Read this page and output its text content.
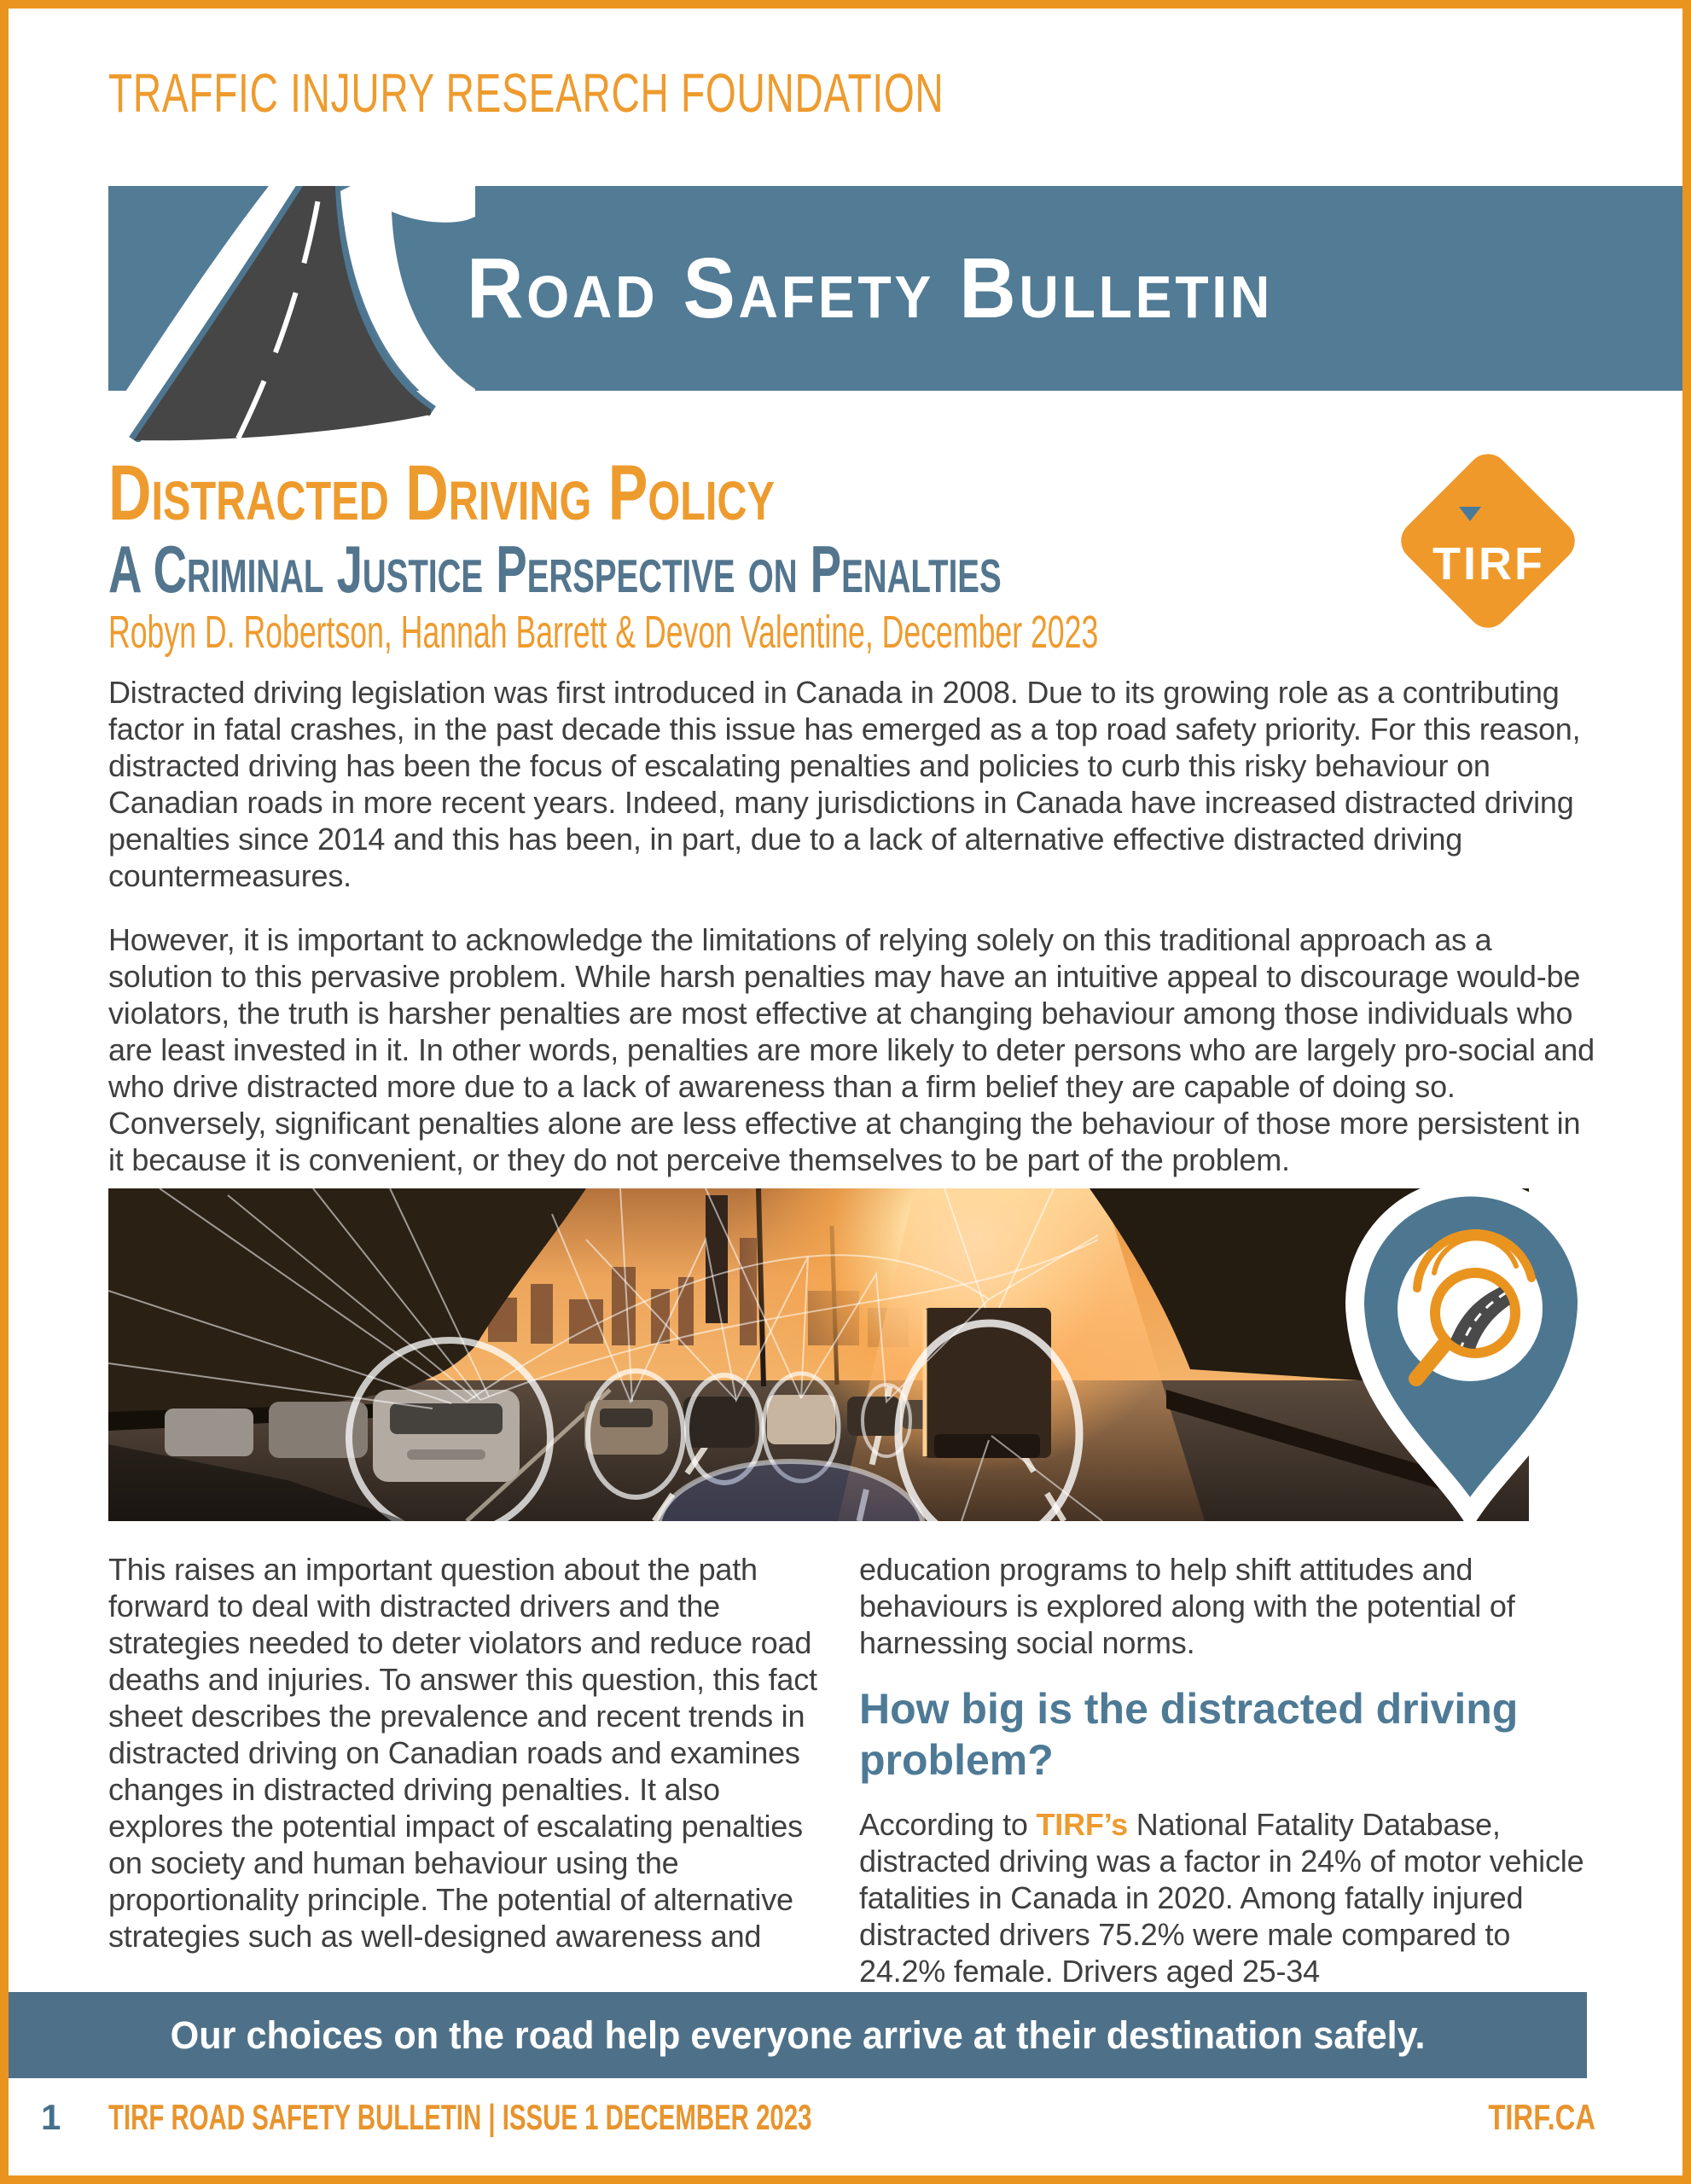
TRAFFIC INJURY RESEARCH FOUNDATION
Road Safety Bulletin
Distracted Driving Policy
A Criminal Justice Perspective on Penalties
Robyn D. Robertson, Hannah Barrett & Devon Valentine, December 2023
TIRF
Distracted driving legislation was first introduced in Canada in 2008. Due to its growing role as a contributing factor in fatal crashes, in the past decade this issue has emerged as a top road safety priority. For this reason, distracted driving has been the focus of escalating penalties and policies to curb this risky behaviour on Canadian roads in more recent years. Indeed, many jurisdictions in Canada have increased distracted driving penalties since 2014 and this has been, in part, due to a lack of alternative effective distracted driving countermeasures.
However, it is important to acknowledge the limitations of relying solely on this traditional approach as a solution to this pervasive problem. While harsh penalties may have an intuitive appeal to discourage would-be violators, the truth is harsher penalties are most effective at changing behaviour among those individuals who are least invested in it. In other words, penalties are more likely to deter persons who are largely pro-social and who drive distracted more due to a lack of awareness than a firm belief they are capable of doing so. Conversely, significant penalties alone are less effective at changing the behaviour of those more persistent in it because it is convenient, or they do not perceive themselves to be part of the problem.

This raises an important question about the path forward to deal with distracted drivers and the strategies needed to deter violators and reduce road deaths and injuries. To answer this question, this fact sheet describes the prevalence and recent trends in distracted driving on Canadian roads and examines changes in distracted driving penalties. It also explores the potential impact of escalating penalties on society and human behaviour using the proportionality principle. The potential of alternative strategies such as well-designed awareness and

education programs to help shift attitudes and behaviours is explored along with the potential of harnessing social norms.

How big is the distracted driving problem?

According to TIRF’s National Fatality Database, distracted driving was a factor in 24% of motor vehicle fatalities in Canada in 2020. Among fatally injured distracted drivers 75.2% were male compared to 24.2% female. Drivers aged 25-34

Our choices on the road help everyone arrive at their destination safely.
1 TIRF ROAD SAFETY BULLETIN | ISSUE 1 DECEMBER 2023	TIRF.CA
